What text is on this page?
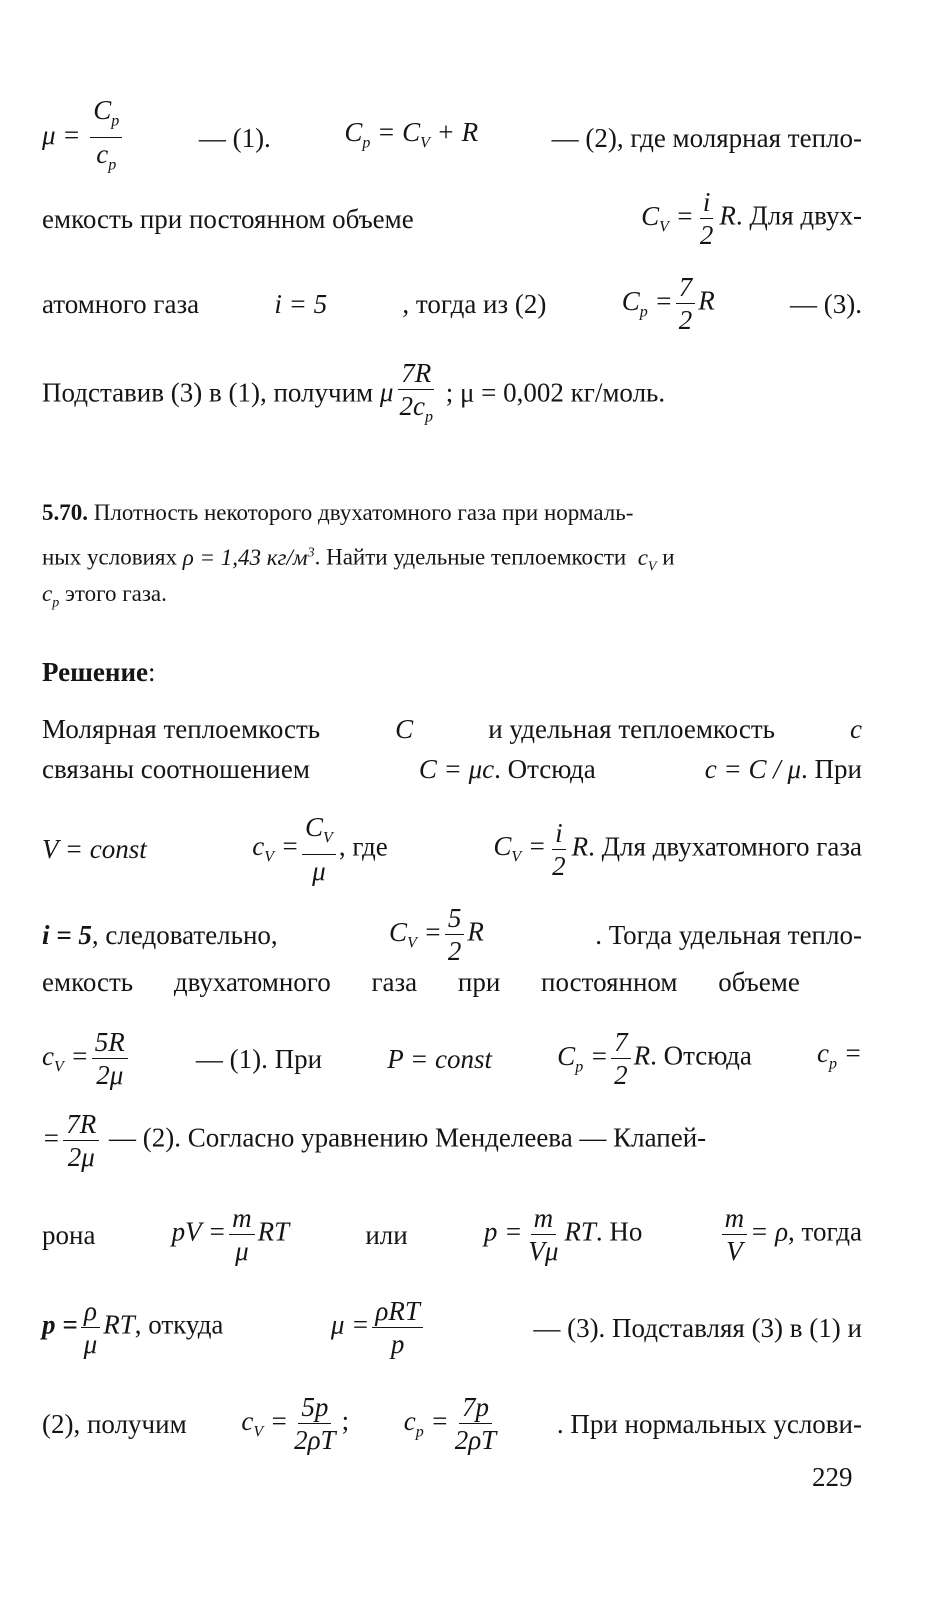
$\mu = \frac{C_p}{c_p}$	— (1).	$C_p = C_V + R$	— (2), где молярная тепло-
емкость при постоянном объеме	$C_V = \frac{i}{2} R$. Для двух-
атомного газа	i = 5	, тогда из (2)	$C_p = \frac{7}{2}$ R	— (3).
Подставив (3) в (1), получим μ $\frac{7R}{2c_p}$ ; μ = 0,002 кг/моль.
5.70. Плотность некоторого двухатомного газа при нормаль-
ных условиях ρ = 1,43 $кг/м^3$. Найти удельные теплоемкости  $c_V$ и
$c_p$ этого газа.
Решение:
Молярная теплоемкость	C	и удельная теплоемкость	c
связаны соотношением	C = μc. Отсюда	c = C / μ. При
V = const	$c_V = \frac{C_V}{\mu}$ , где	$C_V = \frac{i}{2} R$. Для двухатомного газа
i = 5, следовательно,	$C_V = \frac{5}{2}$ R	. Тогда удельная тепло-
емкость двухатомного газа при постоянном объеме
$c_V = \frac{5R}{2\mu}$	— (1). При P = const $C_p = \frac{7}{2} R$. Отсюда $c_p$ =
= $\frac{7R}{2\mu}$ — (2). Согласно уравнению Менделеева — Клапей-
рона	pV = $\frac{m}{\mu}$ RT	или	$p = \frac{m}{V\mu}$ RT. Но	$\frac{m}{V} = \rho$, тогда
$p = \frac{\rho}{\mu}$ RT, откуда	$\mu = \frac{\text{ρRT}}{p}$	— (3). Подставляя (3) в (1) и
(2), получим $c_V = \frac{5p}{2\rho T}$ ; $c_p = \frac{7p}{2\rho T}$ . При нормальных услови-
229
